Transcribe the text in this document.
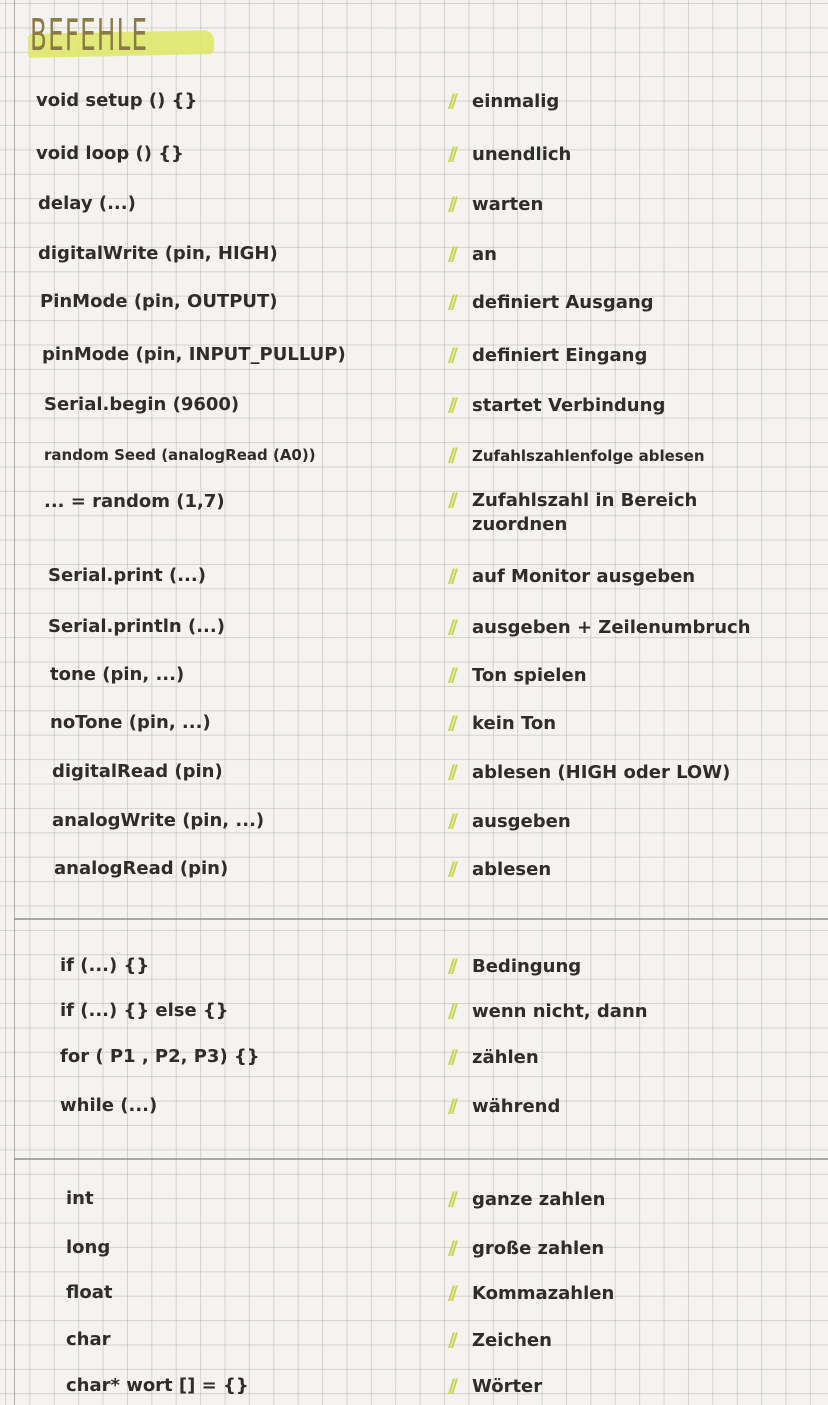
BEFEHLE
void setup () {}	// einmalig
void loop () {}	// unendlich
delay (...)	// warten
digitalWrite (pin, HIGH)	// an
PinMode (pin, OUTPUT)	// definiert Ausgang
pinMode (pin, INPUT_PULLUP)	// definiert Eingang
Serial.begin (9600)	// startet Verbindung
random Seed (analogRead (A0))	// Zufahlszahlenfolge ablesen
... = random (1,7)	// Zufahlszahl in Bereich
zuordnen
Serial.print (...)	// auf Monitor ausgeben
Serial.println (...)	// ausgeben + Zeilenumbruch
tone (pin, ...)	// Ton spielen
noTone (pin, ...)	// kein Ton
digitalRead (pin)	// ablesen (HIGH oder LOW)
analogWrite (pin, ...)	// ausgeben
analogRead (pin)	// ablesen
if (...) {}	// Bedingung
if (...) {} else {}	// wenn nicht, dann
for ( P1 , P2, P3) {}	// zählen
while (...)	// während
int	// ganze zahlen
long	// große zahlen
float	// Kommazahlen
char	// Zeichen
char* wort [] = {}	// Wörter
